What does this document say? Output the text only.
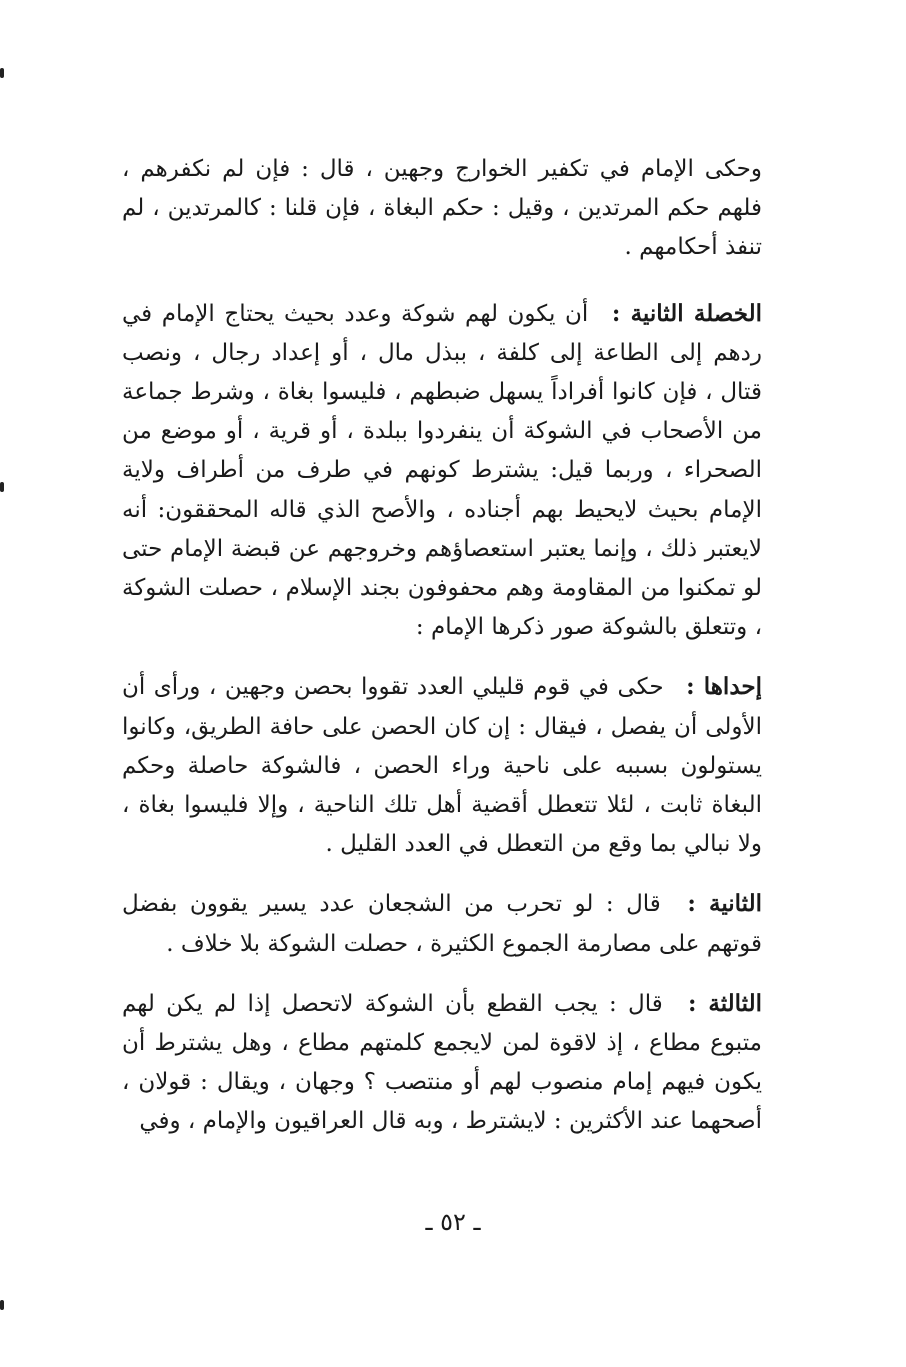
وحكى الإمام في تكفير الخوارج وجهين ، قال : فإن لم نكفرهم ، فلهم حكم المرتدين ، وقيل : حكم البغاة ، فإن قلنا : كالمرتدين ، لم تنفذ أحكامهم .

الخصلة الثانية : أن يكون لهم شوكة وعدد بحيث يحتاج الإمام في ردهم إلى الطاعة إلى كلفة ، ببذل مال ، أو إعداد رجال ، ونصب قتال ، فإن كانوا أفراداً يسهل ضبطهم ، فليسوا بغاة ، وشرط جماعة من الأصحاب في الشوكة أن ينفردوا ببلدة ، أو قرية ، أو موضع من الصحراء ، وربما قيل: يشترط كونهم في طرف من أطراف ولاية الإمام بحيث لايحيط بهم أجناده ، والأصح الذي قاله المحققون: أنه لايعتبر ذلك ، وإنما يعتبر استعصاؤهم وخروجهم عن قبضة الإمام حتى لو تمكنوا من المقاومة وهم محفوفون بجند الإسلام ، حصلت الشوكة ، وتتعلق بالشوكة صور ذكرها الإمام :

إحداها : حكى في قوم قليلي العدد تقووا بحصن وجهين ، ورأى أن الأولى أن يفصل ، فيقال : إن كان الحصن على حافة الطريق، وكانوا يستولون بسببه على ناحية وراء الحصن ، فالشوكة حاصلة وحكم البغاة ثابت ، لئلا تتعطل أقضية أهل تلك الناحية ، وإلا فليسوا بغاة ، ولا نبالي بما وقع من التعطل في العدد القليل .

الثانية : قال : لو تحرب من الشجعان عدد يسير يقوون بفضل قوتهم على مصارمة الجموع الكثيرة ، حصلت الشوكة بلا خلاف .

الثالثة : قال : يجب القطع بأن الشوكة لاتحصل إذا لم يكن لهم متبوع مطاع ، إذ لاقوة لمن لايجمع كلمتهم مطاع ، وهل يشترط أن يكون فيهم إمام منصوب لهم أو منتصب ؟ وجهان ، ويقال : قولان ، أصحهما عند الأكثرين : لايشترط ، وبه قال العراقيون والإمام ، وفي

ـ ٥٢ ـ
